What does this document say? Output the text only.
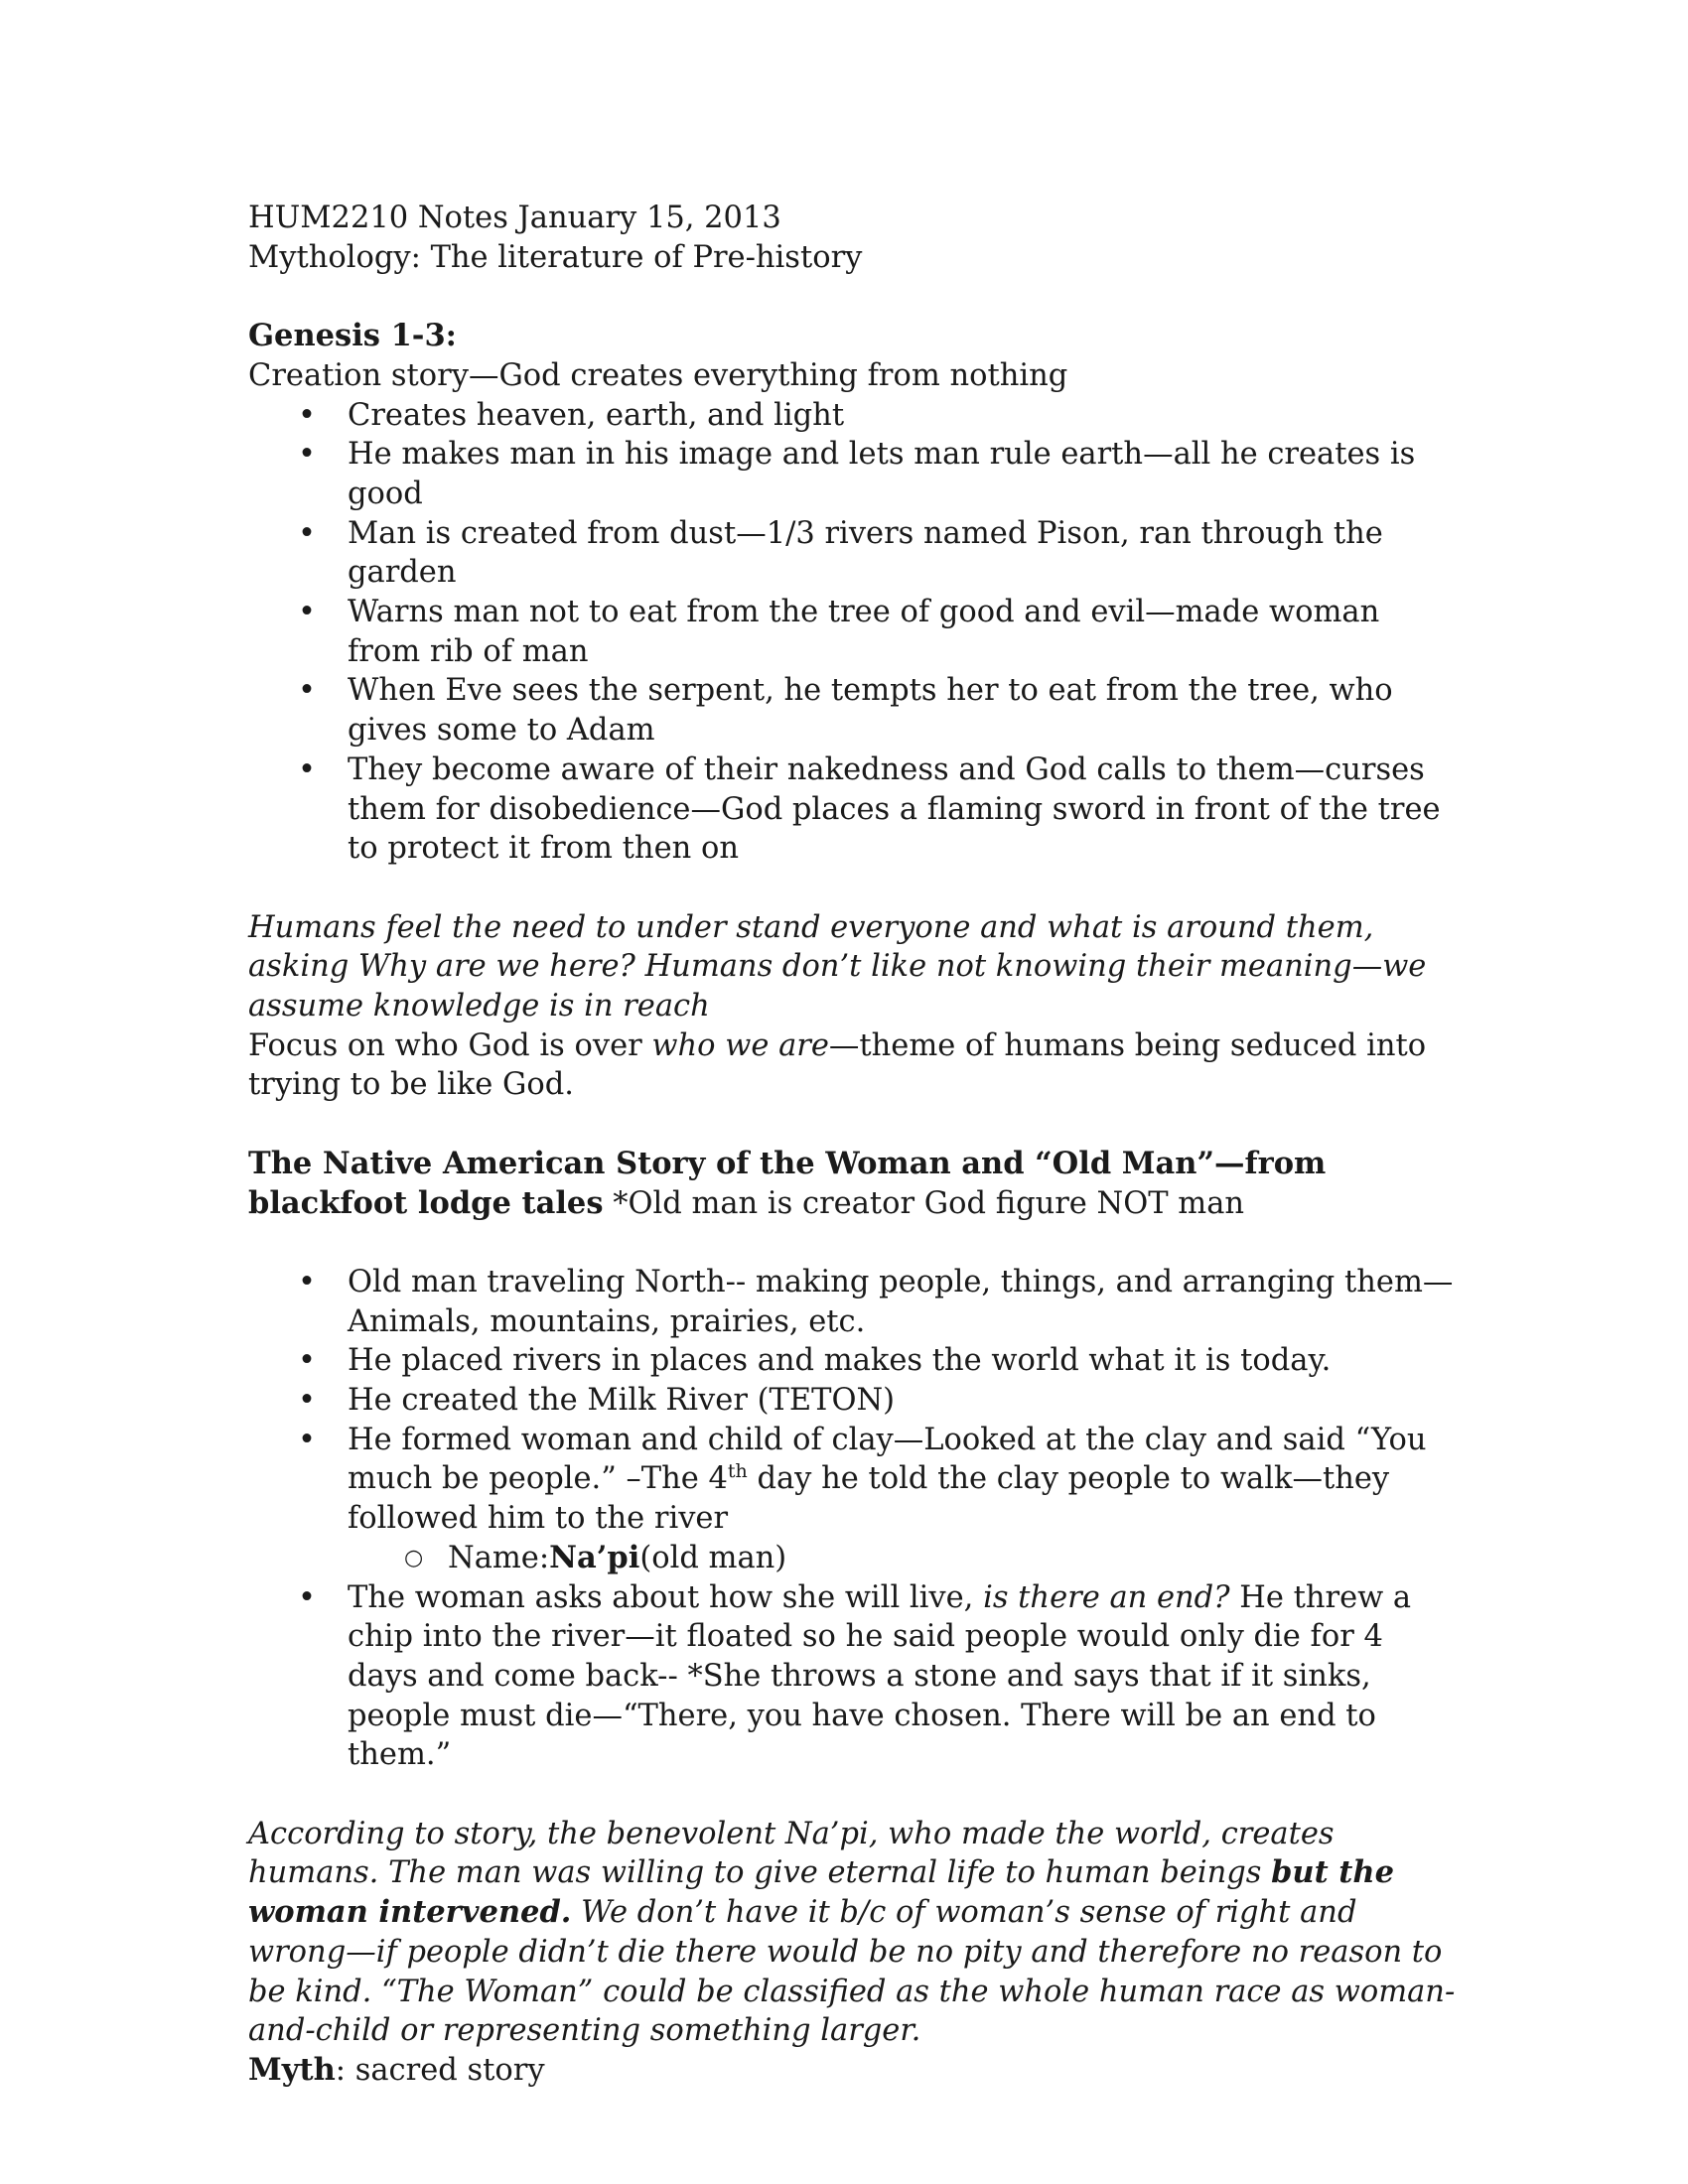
HUM2210 Notes January 15, 2013

Mythology: The literature of Pre-history

Genesis 1-3:

Creation story—God creates everything from nothing

• Creates heaven, earth, and light
• He makes man in his image and lets man rule earth—all he creates is good
• Man is created from dust—1/3 rivers named Pison, ran through the garden
• Warns man not to eat from the tree of good and evil—made woman from rib of man
• When Eve sees the serpent, he tempts her to eat from the tree, who gives some to Adam
• They become aware of their nakedness and God calls to them—curses them for disobedience—God places a flaming sword in front of the tree to protect it from then on

Humans feel the need to under stand everyone and what is around them, asking Why are we here? Humans don’t like not knowing their meaning—we assume knowledge is in reach

Focus on who God is over who we are—theme of humans being seduced into trying to be like God.

The Native American Story of the Woman and “Old Man”—from blackfoot lodge tales *Old man is creator God figure NOT man

• Old man traveling North-- making people, things, and arranging them— Animals, mountains, prairies, etc.
• He placed rivers in places and makes the world what it is today.
• He created the Milk River (TETON)
• He formed woman and child of clay—Looked at the clay and said “You much be people.” –The 4th day he told the clay people to walk—they followed him to the river
○ Name:Na’pi(old man)
• The woman asks about how she will live, is there an end? He threw a chip into the river—it floated so he said people would only die for 4 days and come back-- *She throws a stone and says that if it sinks, people must die—“There, you have chosen. There will be an end to them.”

According to story, the benevolent Na’pi, who made the world, creates humans. The man was willing to give eternal life to human beings but the woman intervened. We don’t have it b/c of woman’s sense of right and wrong—if people didn’t die there would be no pity and therefore no reason to be kind. “The Woman” could be classified as the whole human race as woman-and-child or representing something larger.

Myth: sacred story
